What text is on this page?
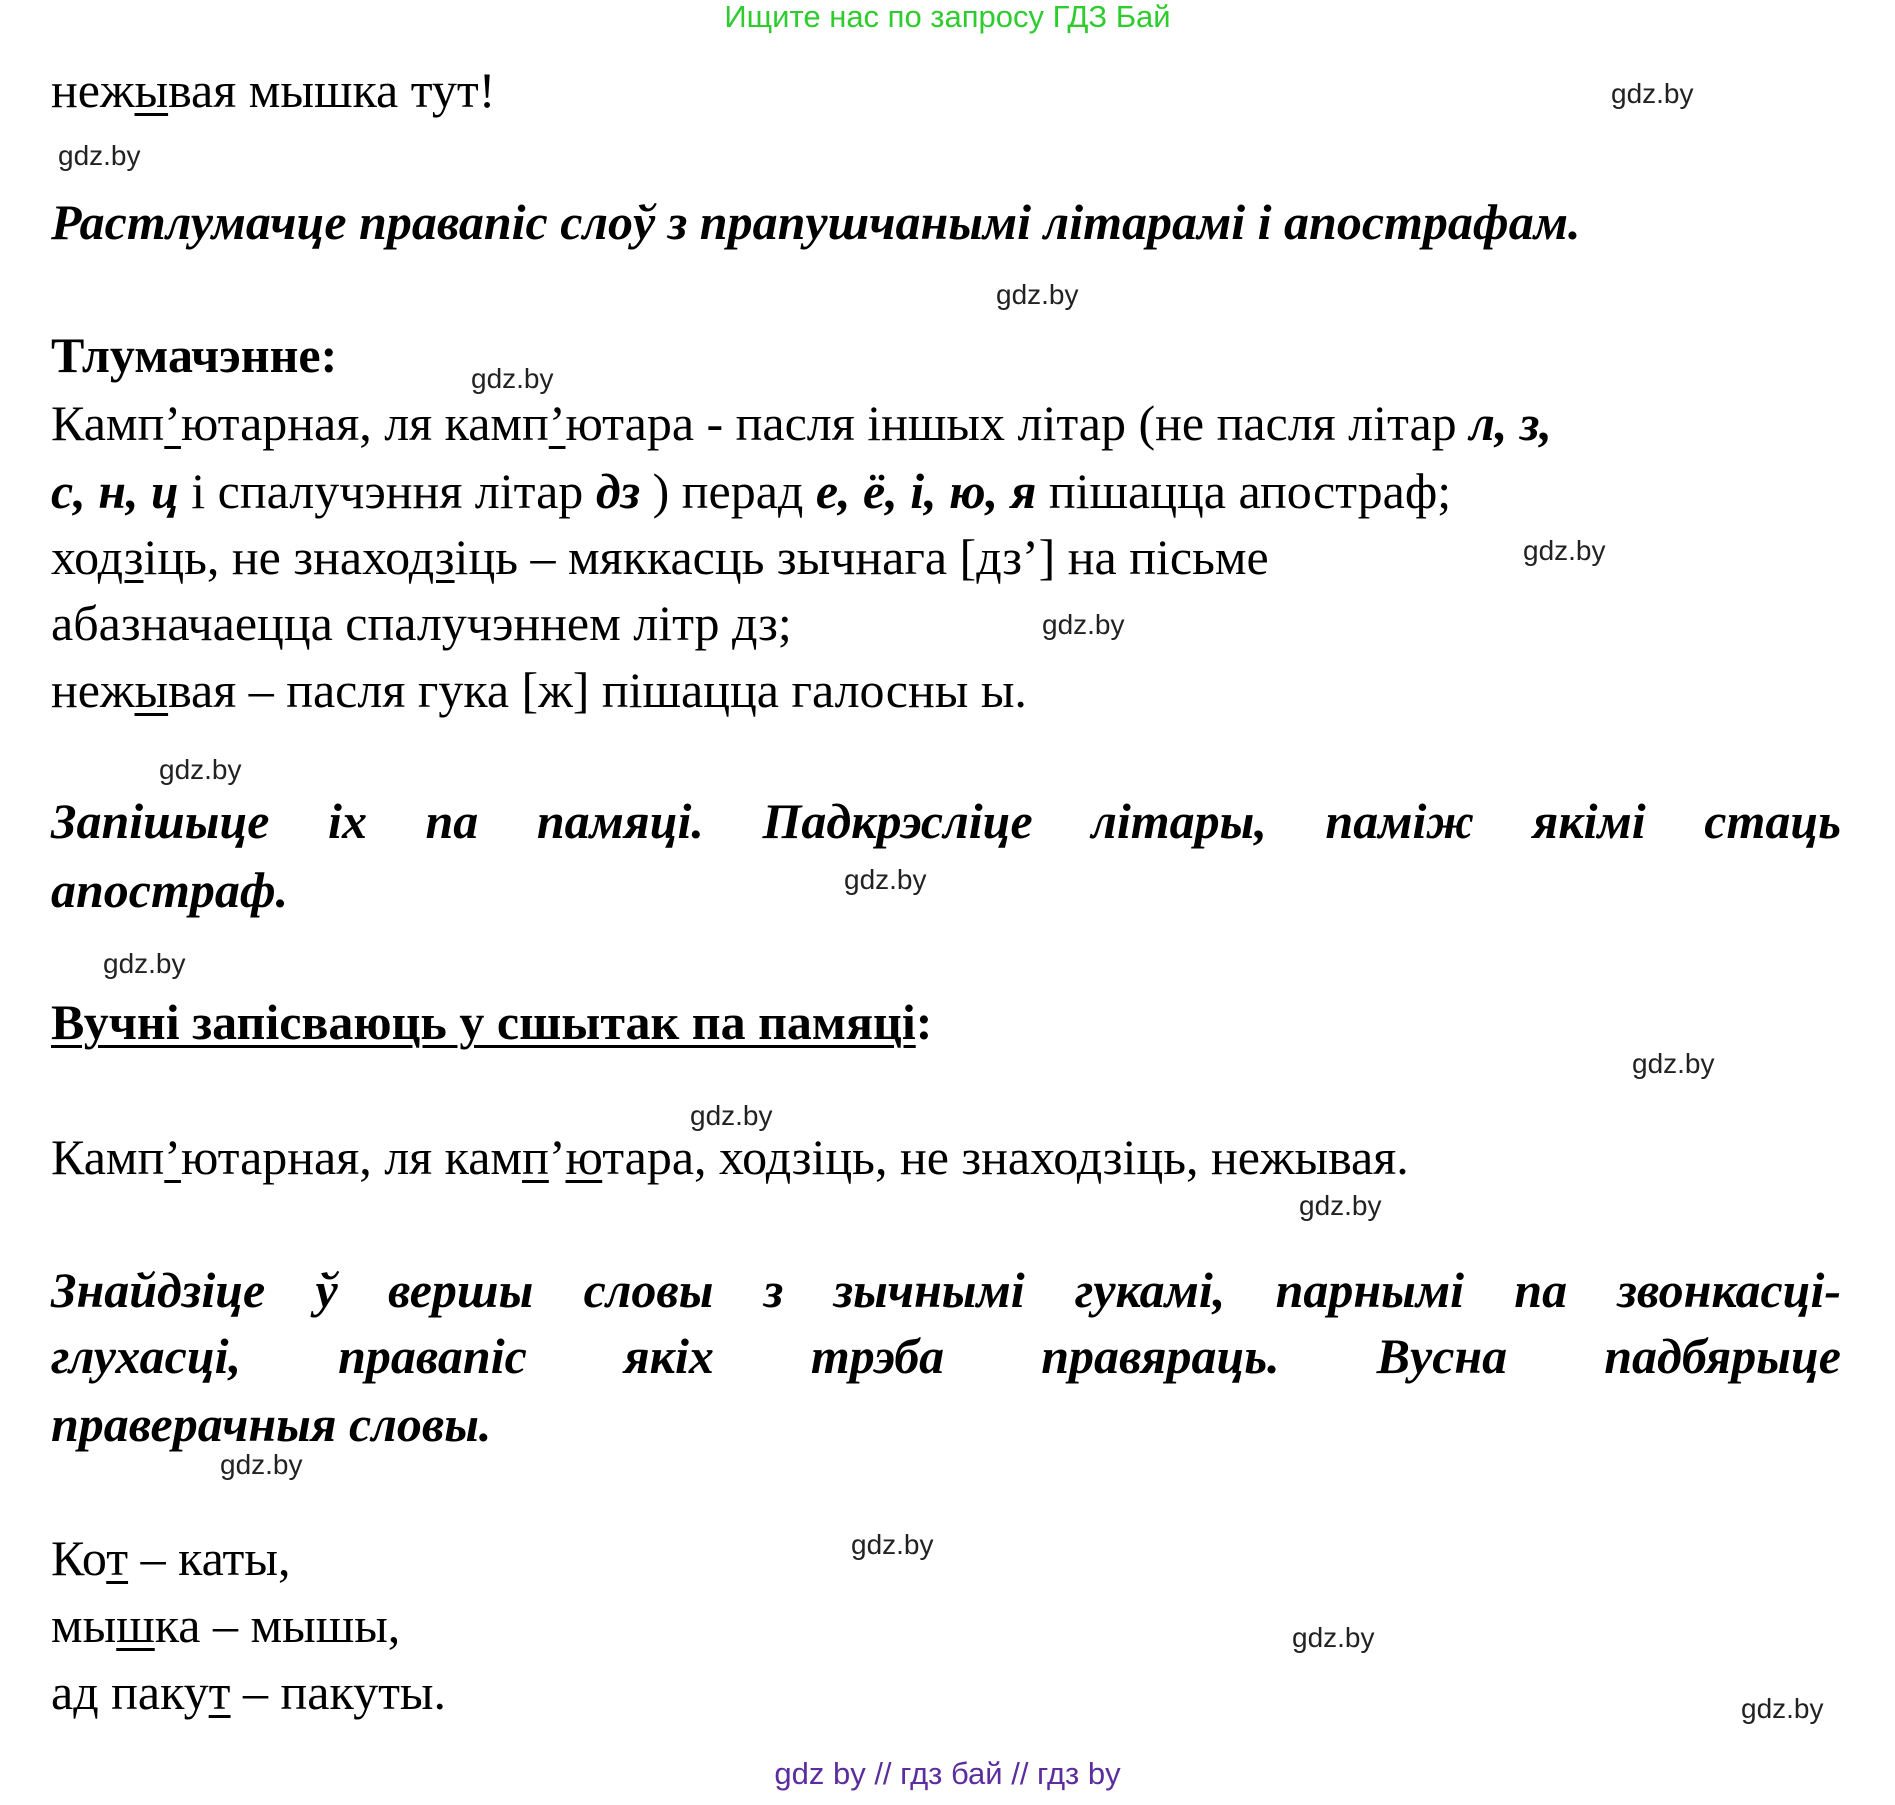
Ищите нас по запросу ГДЗ Бай
нежывая мышка тут!
Растлумачце правапіс слоў з прапушчанымі літарамі і апострафам.
Тлумачэнне:
Камп’ютарная, ля камп’ютара - пасля іншых літар (не пасля літар л, з,
с, н, ц і спалучэння літар дз ) перад е, ё, і, ю, я пішацца апостраф;
ходзіць, не знаходзіць – мяккасць зычнага [дз’] на пісьме
абазначаецца спалучэннем літр дз;
нежывая – пасля гука [ж] пішацца галосны ы.
Запішыце іх па памяці. Падкрэсліце літары, паміж якімі стаць
апостраф.
Вучні запісваюць у сшытак па памяці:
Камп’ютарная, ля камп’ютара, ходзіць, не знаходзіць, нежывая.
Знайдзіце ў вершы словы з зычнымі гукамі, парнымі па звонкасці-
глухасці, правапіс якіх трэба правяраць. Вусна падбярыце
праверачныя словы.
Кот – каты,
мышка – мышы,
ад пакут – пакуты.
gdz.by
gdz.by
gdz.by
gdz.by
gdz.by
gdz.by
gdz.by
gdz.by
gdz.by
gdz.by
gdz.by
gdz.by
gdz.by
gdz.by
gdz.by
gdz.by
gdz by // гдз бай // гдз by
